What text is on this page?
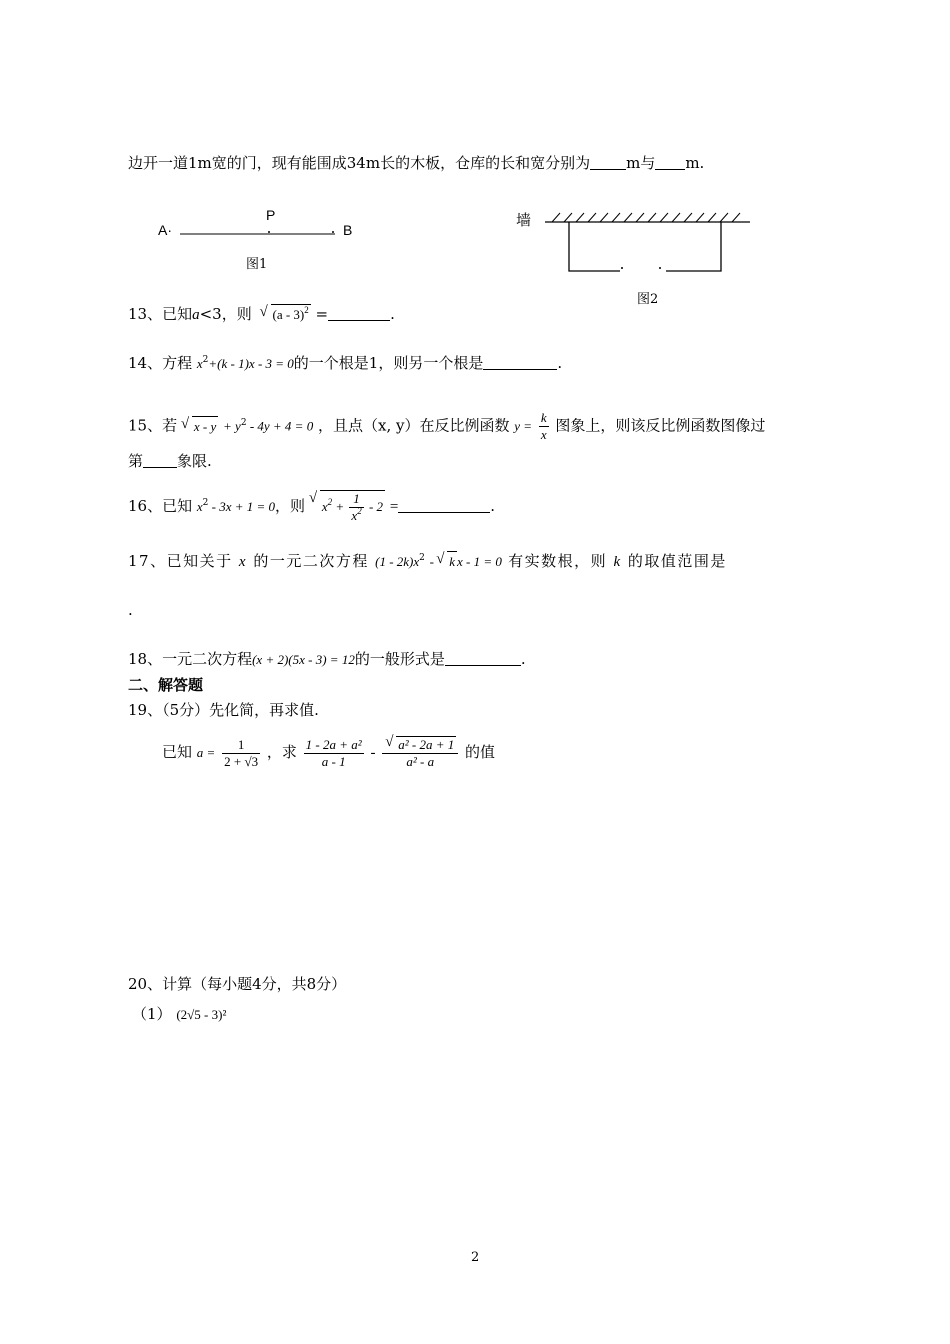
边开一道1m宽的门，现有能围成34m长的木板，仓库的长和宽分别为 m与 m.
A·
P
B
图1
墙
图2
13、已知a<3，则 √ (a - 3)$^2$ =	.
14、方程 $x^2+(k - 1)x - 3 = 0$的一个根是1，则另一个根是	.
15、若 √ $x - y + y^2 - 4y + 4 = 0$ ，且点（x, y）在反比例函数 $y = \frac{k}{x}$ 图象上，则该反比例函数图像过
第 象限.
16、已知 $x^2 - 3x + 1 = 0$，则 √ $x^2 + \frac{1}{x^2} - 2$ =	.
17、已知关于 x 的一元二次方程 $(1 - 2k)x^2$ - √ k x - 1 = 0 有实数根，则 k 的取值范围是
.
18、一元二次方程(x + 2)(5x - 3) = 12的一般形式是	.
二、解答题
19、（5分）先化简，再求值.
已知 $a = \frac{1}{2 + √3}$ ，求 $\frac{\text{1 - 2a + a²}}{a - 1}$ - √ $\frac{\text{a² - 2a + 1}}{\text{a² - a}}$ 的值
20、计算（每小题4分，共8分）
（1） (2√5 - 3)²
2
